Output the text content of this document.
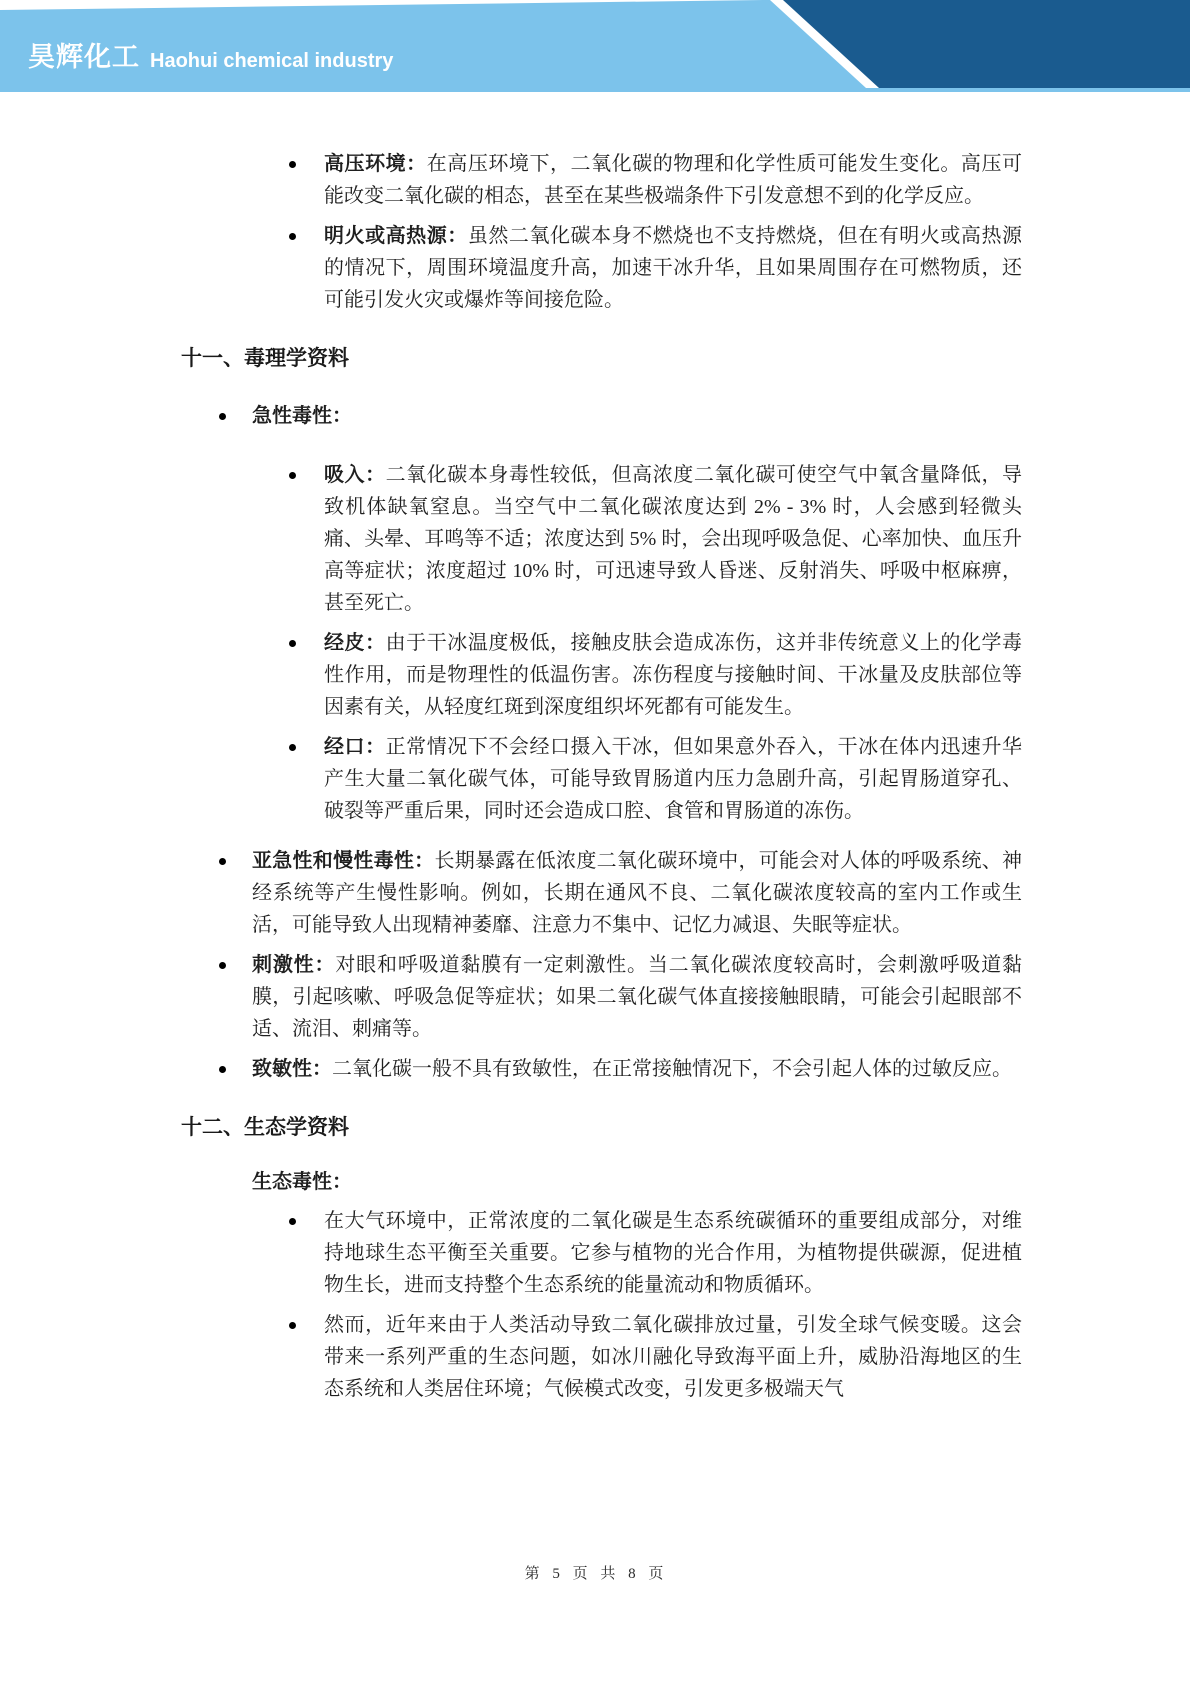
昊辉化工 Haohui chemical industry

高压环境：在高压环境下，二氧化碳的物理和化学性质可能发生变化。高压可能改变二氧化碳的相态，甚至在某些极端条件下引发意想不到的化学反应。

明火或高热源：虽然二氧化碳本身不燃烧也不支持燃烧，但在有明火或高热源的情况下，周围环境温度升高，加速干冰升华，且如果周围存在可燃物质，还可能引发火灾或爆炸等间接危险。

十一、毒理学资料

急性毒性：

吸入：二氧化碳本身毒性较低，但高浓度二氧化碳可使空气中氧含量降低，导致机体缺氧窒息。当空气中二氧化碳浓度达到 2% - 3% 时，人会感到轻微头痛、头晕、耳鸣等不适；浓度达到 5% 时，会出现呼吸急促、心率加快、血压升高等症状；浓度超过 10% 时，可迅速导致人昏迷、反射消失、呼吸中枢麻痹，甚至死亡。

经皮：由于干冰温度极低，接触皮肤会造成冻伤，这并非传统意义上的化学毒性作用，而是物理性的低温伤害。冻伤程度与接触时间、干冰量及皮肤部位等因素有关，从轻度红斑到深度组织坏死都有可能发生。

经口：正常情况下不会经口摄入干冰，但如果意外吞入，干冰在体内迅速升华产生大量二氧化碳气体，可能导致胃肠道内压力急剧升高，引起胃肠道穿孔、破裂等严重后果，同时还会造成口腔、食管和胃肠道的冻伤。

亚急性和慢性毒性：长期暴露在低浓度二氧化碳环境中，可能会对人体的呼吸系统、神经系统等产生慢性影响。例如，长期在通风不良、二氧化碳浓度较高的室内工作或生活，可能导致人出现精神萎靡、注意力不集中、记忆力减退、失眠等症状。

刺激性：对眼和呼吸道黏膜有一定刺激性。当二氧化碳浓度较高时，会刺激呼吸道黏膜，引起咳嗽、呼吸急促等症状；如果二氧化碳气体直接接触眼睛，可能会引起眼部不适、流泪、刺痛等。

致敏性：二氧化碳一般不具有致敏性，在正常接触情况下，不会引起人体的过敏反应。

十二、生态学资料
生态毒性：

在大气环境中，正常浓度的二氧化碳是生态系统碳循环的重要组成部分，对维持地球生态平衡至关重要。它参与植物的光合作用，为植物提供碳源，促进植物生长，进而支持整个生态系统的能量流动和物质循环。

然而，近年来由于人类活动导致二氧化碳排放过量，引发全球气候变暖。这会带来一系列严重的生态问题，如冰川融化导致海平面上升，威胁沿海地区的生态系统和人类居住环境；气候模式改变，引发更多极端天气

第 5 页 共 8 页
